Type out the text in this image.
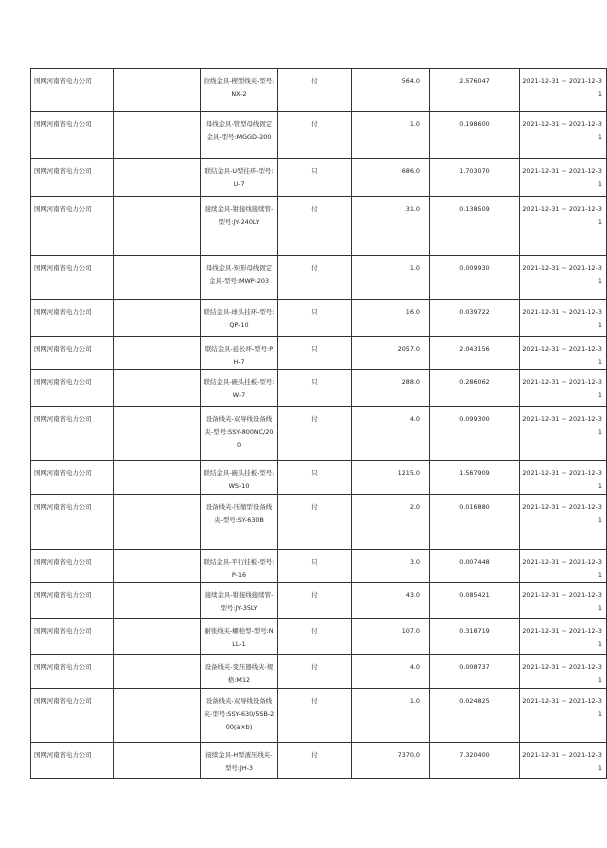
国网河南省电力公司		拉线金具-楔型线夹-型号:NX-2	付	564.0	2.576047	2021-12-31 ~ 2021-12-31
国网河南省电力公司		母线金具-管型母线固定金具-型号:MGGD-200	付	1.0	0.198600	2021-12-31 ~ 2021-12-31
国网河南省电力公司		联结金具-U型挂环-型号:U-7	只	686.0	1.703070	2021-12-31 ~ 2021-12-31
国网河南省电力公司		接续金具-钳接线接续管-型号:JY-240LY	付	31.0	0.138509	2021-12-31 ~ 2021-12-31
国网河南省电力公司		母线金具-矩形母线固定金具-型号:MWP-203	付	1.0	0.009930	2021-12-31 ~ 2021-12-31
国网河南省电力公司		联结金具-球头挂环-型号:QP-10	只	16.0	0.039722	2021-12-31 ~ 2021-12-31
国网河南省电力公司		联结金具-延长环-型号:PH-7	只	2057.0	2.043156	2021-12-31 ~ 2021-12-31
国网河南省电力公司		联结金具-碗头挂板-型号:W-7	只	288.0	0.286062	2021-12-31 ~ 2021-12-31
国网河南省电力公司		设备线夹-双导线设备线夹-型号:SSY-800NC/200	付	4.0	0.099300	2021-12-31 ~ 2021-12-31
国网河南省电力公司		联结金具-碗头挂板-型号:WS-10	只	1215.0	1.567909	2021-12-31 ~ 2021-12-31
国网河南省电力公司		设备线夹-压缩型设备线夹-型号:SY-630B	付	2.0	0.016880	2021-12-31 ~ 2021-12-31
国网河南省电力公司		联结金具-平行挂板-型号:P-16	只	3.0	0.007448	2021-12-31 ~ 2021-12-31
国网河南省电力公司		接续金具-钳接线接续管-型号:JY-35LY	付	43.0	0.085421	2021-12-31 ~ 2021-12-31
国网河南省电力公司		耐张线夹-螺栓型-型号:NLL-1	付	107.0	0.318719	2021-12-31 ~ 2021-12-31
国网河南省电力公司		设备线夹-变压器线夹-规格:M12	付	4.0	0.008737	2021-12-31 ~ 2021-12-31
国网河南省电力公司		设备线夹-双导线设备线夹-型号:SSY-630/5SB-200(a×b)	付	1.0	0.024825	2021-12-31 ~ 2021-12-31
国网河南省电力公司		接续金具-H型液压线夹-型号:JH-3	付	7370.0	7.320400	2021-12-31 ~ 2021-12-31
